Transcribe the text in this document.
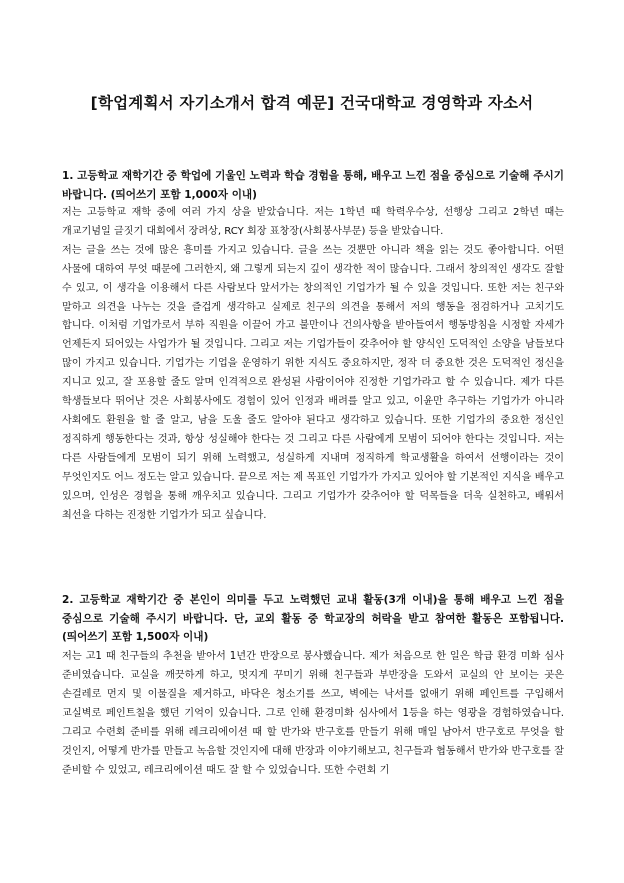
[학업계획서 자기소개서 합격 예문] 건국대학교 경영학과 자소서

1. 고등학교 재학기간 중 학업에 기울인 노력과 학습 경험을 통해, 배우고 느낀 점을 중심으로 기술해 주시기 바랍니다. (띄어쓰기 포함 1,000자 이내)

저는 고등학교 재학 중에 여러 가지 상을 받았습니다. 저는 1학년 때 학력우수상, 선행상 그리고 2학년 때는 개교기념일 글짓기 대회에서 장려상, RCY 회장 표창장(사회봉사부문) 등을 받았습니다.

저는 글을 쓰는 것에 많은 흥미를 가지고 있습니다. 글을 쓰는 것뿐만 아니라 책을 읽는 것도 좋아합니다. 어떤 사물에 대하여 무엇 때문에 그러한지, 왜 그렇게 되는지 깊이 생각한 적이 많습니다. 그래서 창의적인 생각도 잘할 수 있고, 이 생각을 이용해서 다른 사람보다 앞서가는 창의적인 기업가가 될 수 있을 것입니다. 또한 저는 친구와 말하고 의견을 나누는 것을 즐겁게 생각하고 실제로 친구의 의견을 통해서 저의 행동을 점검하거나 고치기도 합니다. 이처럼 기업가로서 부하 직원을 이끌어 가고 불만이나 건의사항을 받아들여서 행동방침을 시정할 자세가 언제든지 되어있는 사업가가 될 것입니다. 그리고 저는 기업가들이 갖추어야 할 양식인 도덕적인 소양을 남들보다 많이 가지고 있습니다. 기업가는 기업을 운영하기 위한 지식도 중요하지만, 정작 더 중요한 것은 도덕적인 정신을 지니고 있고, 잘 포용할 줄도 알며 인격적으로 완성된 사람이어야 진정한 기업가라고 할 수 있습니다. 제가 다른 학생들보다 뛰어난 것은 사회봉사에도 경험이 있어 인정과 배려를 알고 있고, 이윤만 추구하는 기업가가 아니라 사회에도 환원을 할 줄 알고, 남을 도울 줄도 알아야 된다고 생각하고 있습니다. 또한 기업가의 중요한 정신인 정직하게 행동한다는 것과, 항상 성실해야 한다는 것 그리고 다른 사람에게 모범이 되어야 한다는 것입니다. 저는 다른 사람들에게 모범이 되기 위해 노력했고, 성실하게 지내며 정직하게 학교생활을 하여서 선행이라는 것이 무엇인지도 어느 정도는 알고 있습니다. 끝으로 저는 제 목표인 기업가가 가지고 있어야 할 기본적인 지식을 배우고 있으며, 인성은 경험을 통해 깨우치고 있습니다. 그리고 기업가가 갖추어야 할 덕목들을 더욱 실천하고, 배워서 최선을 다하는 진정한 기업가가 되고 싶습니다.

2. 고등학교 재학기간 중 본인이 의미를 두고 노력했던 교내 활동(3개 이내)을 통해 배우고 느낀 점을 중심으로 기술해 주시기 바랍니다. 단, 교외 활동 중 학교장의 허락을 받고 참여한 활동은 포함됩니다. (띄어쓰기 포함 1,500자 이내)

저는 고1 때 친구들의 추천을 받아서 1년간 반장으로 봉사했습니다. 제가 처음으로 한 일은 학급 환경 미화 심사 준비였습니다. 교실을 깨끗하게 하고, 멋지게 꾸미기 위해 친구들과 부반장을 도와서 교실의 안 보이는 곳은 손걸레로 먼지 및 이물질을 제거하고, 바닥은 청소기를 쓰고, 벽에는 낙서를 없애기 위해 페인트를 구입해서 교실벽로 페인트칠을 했던 기억이 있습니다. 그로 인해 환경미화 심사에서 1등을 하는 영광을 경험하였습니다. 그리고 수련회 준비를 위해 레크리에이션 때 할 반가와 반구호를 만들기 위해 매일 남아서 반구호로 무엇을 할 것인지, 어떻게 반가를 만들고 녹음할 것인지에 대해 반장과 이야기해보고, 친구들과 협동해서 반가와 반구호를 잘 준비할 수 있었고, 레크리에이션 때도 잘 할 수 있었습니다. 또한 수련회 기
